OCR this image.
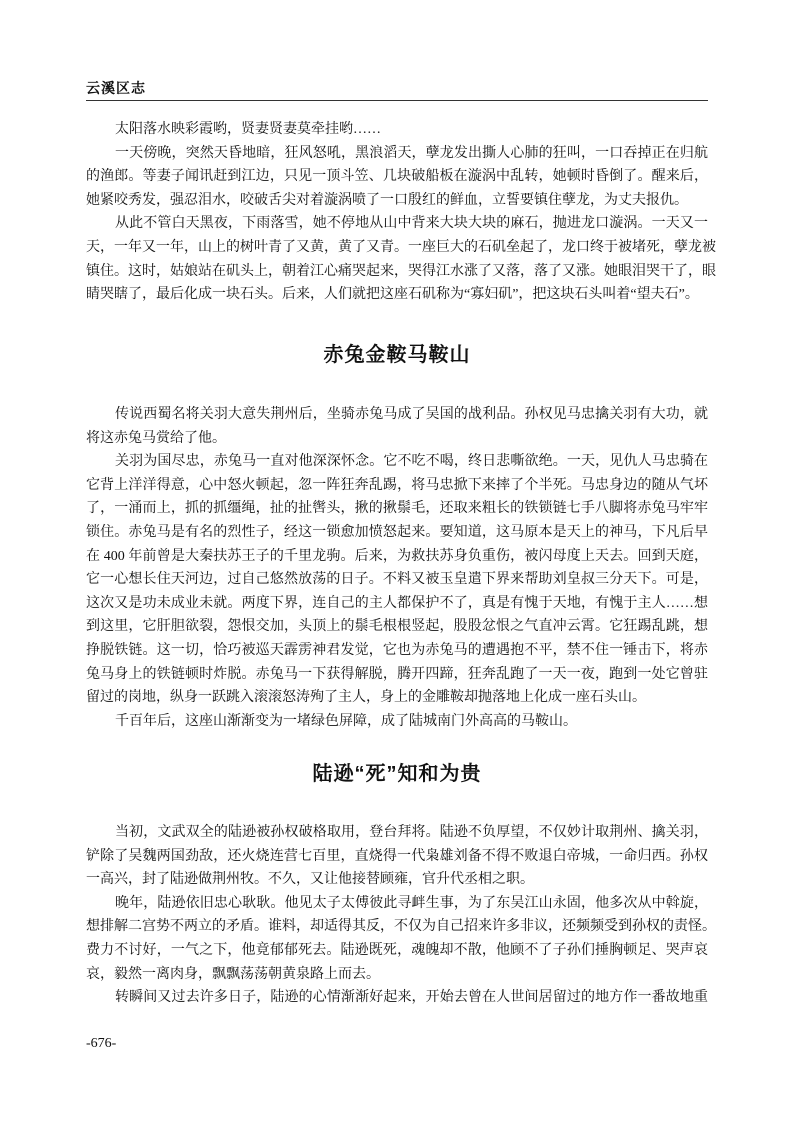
云溪区志
太阳落水映彩霞哟，贤妻贤妻莫牵挂哟……
一天傍晚，突然天昏地暗，狂风怒吼，黑浪滔天，孽龙发出撕人心肺的狂叫，一口吞掉正在归航
的渔郎。等妻子闻讯赶到江边，只见一顶斗笠、几块破船板在漩涡中乱转，她顿时昏倒了。醒来后，
她紧咬秀发，强忍泪水，咬破舌尖对着漩涡喷了一口殷红的鲜血，立誓要镇住孽龙，为丈夫报仇。
从此不管白天黑夜，下雨落雪，她不停地从山中背来大块大块的麻石，抛进龙口漩涡。一天又一
天，一年又一年，山上的树叶青了又黄，黄了又青。一座巨大的石矶垒起了，龙口终于被堵死，孽龙被
镇住。这时，姑娘站在矶头上，朝着江心痛哭起来，哭得江水涨了又落，落了又涨。她眼泪哭干了，眼
睛哭瞎了，最后化成一块石头。后来，人们就把这座石矶称为“寡妇矶”，把这块石头叫着“望夫石”。
赤兔金鞍马鞍山
传说西蜀名将关羽大意失荆州后，坐骑赤兔马成了吴国的战利品。孙权见马忠擒关羽有大功，就
将这赤兔马赏给了他。
关羽为国尽忠，赤兔马一直对他深深怀念。它不吃不喝，终日悲嘶欲绝。一天，见仇人马忠骑在
它背上洋洋得意，心中怒火顿起，忽一阵狂奔乱踢，将马忠掀下来摔了个半死。马忠身边的随从气坏
了，一涌而上，抓的抓缰绳，扯的扯辔头，揪的揪鬃毛，还取来粗长的铁锁链七手八脚将赤兔马牢牢
锁住。赤兔马是有名的烈性子，经这一锁愈加愤怒起来。要知道，这马原本是天上的神马，下凡后早
在 400 年前曾是大秦扶苏王子的千里龙驹。后来，为救扶苏身负重伤，被闪母度上天去。回到天庭，
它一心想长住天河边，过自己悠然放荡的日子。不料又被玉皇遣下界来帮助刘皇叔三分天下。可是，
这次又是功未成业未就。两度下界，连自己的主人都保护不了，真是有愧于天地，有愧于主人……想
到这里，它肝胆欲裂，怨恨交加，头顶上的鬃毛根根竖起，股股忿恨之气直冲云霄。它狂踢乱跳，想
挣脱铁链。这一切，恰巧被巡天霹雳神君发觉，它也为赤兔马的遭遇抱不平，禁不住一锤击下，将赤
兔马身上的铁链顿时炸脱。赤兔马一下获得解脱，腾开四蹄，狂奔乱跑了一天一夜，跑到一处它曾驻
留过的岗地，纵身一跃跳入滚滚怒涛殉了主人，身上的金雕鞍却抛落地上化成一座石头山。
千百年后，这座山渐渐变为一堵绿色屏障，成了陆城南门外高高的马鞍山。
陆逊“死”知和为贵
当初，文武双全的陆逊被孙权破格取用，登台拜将。陆逊不负厚望，不仅妙计取荆州、擒关羽，
铲除了吴魏两国劲敌，还火烧连营七百里，直烧得一代枭雄刘备不得不败退白帝城，一命归西。孙权
一高兴，封了陆逊做荆州牧。不久，又让他接替顾雍，官升代丞相之职。
晚年，陆逊依旧忠心耿耿。他见太子太傅彼此寻衅生事，为了东吴江山永固，他多次从中斡旋，
想排解二宫势不两立的矛盾。谁料，却适得其反，不仅为自己招来许多非议，还频频受到孙权的责怪。
费力不讨好，一气之下，他竟郁郁死去。陆逊既死，魂魄却不散，他顾不了子孙们捶胸顿足、哭声哀
哀，毅然一离肉身，飘飘荡荡朝黄泉路上而去。
转瞬间又过去许多日子，陆逊的心情渐渐好起来，开始去曾在人世间居留过的地方作一番故地重
-676-
